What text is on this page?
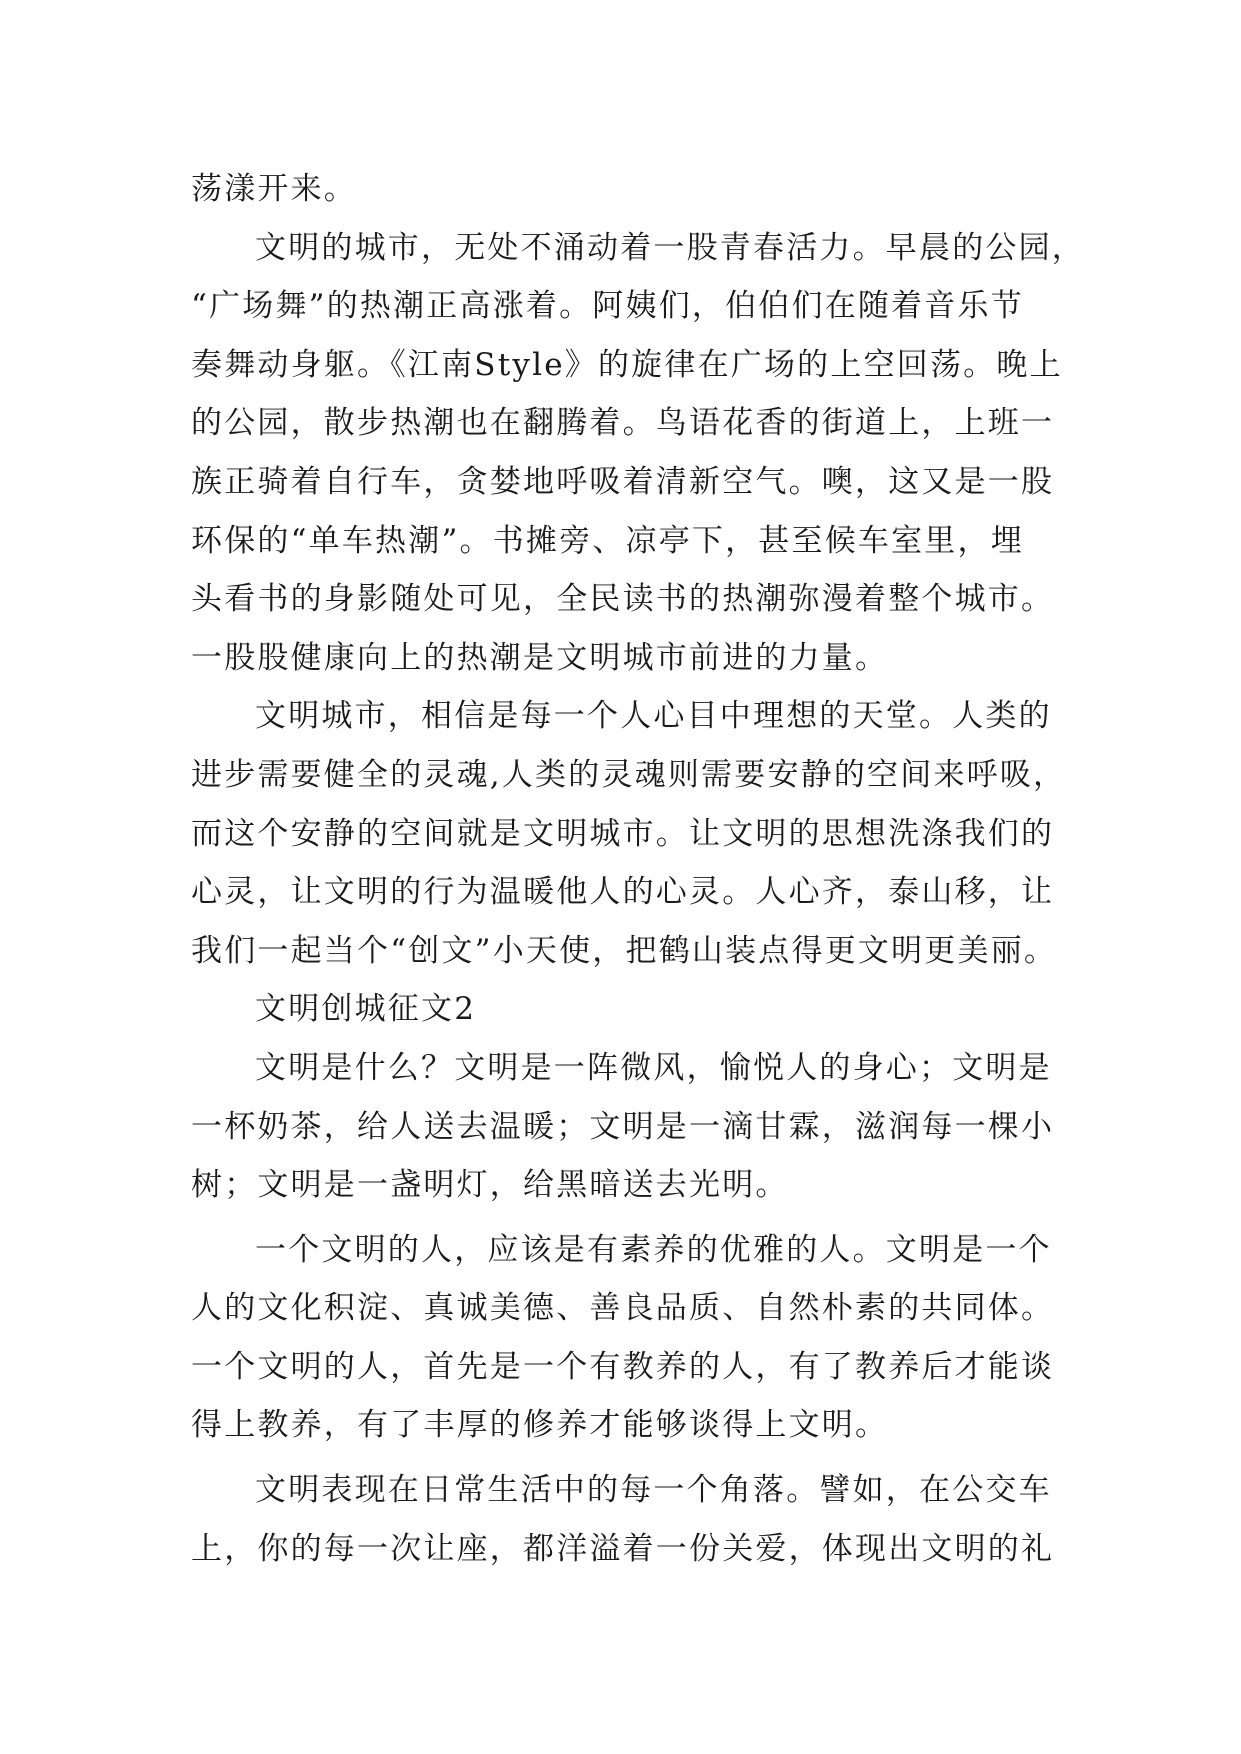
荡漾开来。
文明的城市，无处不涌动着一股青春活力。早晨的公园，
“广场舞”的热潮正高涨着。阿姨们，伯伯们在随着音乐节
奏舞动身躯。《江南Style》的旋律在广场的上空回荡。晚上
的公园，散步热潮也在翻腾着。鸟语花香的街道上，上班一
族正骑着自行车，贪婪地呼吸着清新空气。噢，这又是一股
环保的“单车热潮”。书摊旁、凉亭下，甚至候车室里，埋
头看书的身影随处可见，全民读书的热潮弥漫着整个城市。
一股股健康向上的热潮是文明城市前进的力量。
文明城市，相信是每一个人心目中理想的天堂。人类的
进步需要健全的灵魂,人类的灵魂则需要安静的空间来呼吸，
而这个安静的空间就是文明城市。让文明的思想洗涤我们的
心灵，让文明的行为温暖他人的心灵。人心齐，泰山移，让
我们一起当个“创文”小天使，把鹤山装点得更文明更美丽。
文明创城征文2
文明是什么？文明是一阵微风，愉悦人的身心；文明是
一杯奶茶，给人送去温暖；文明是一滴甘霖，滋润每一棵小
树；文明是一盏明灯，给黑暗送去光明。
一个文明的人，应该是有素养的优雅的人。文明是一个
人的文化积淀、真诚美德、善良品质、自然朴素的共同体。
一个文明的人，首先是一个有教养的人，有了教养后才能谈
得上教养，有了丰厚的修养才能够谈得上文明。
文明表现在日常生活中的每一个角落。譬如，在公交车
上，你的每一次让座，都洋溢着一份关爱，体现出文明的礼
